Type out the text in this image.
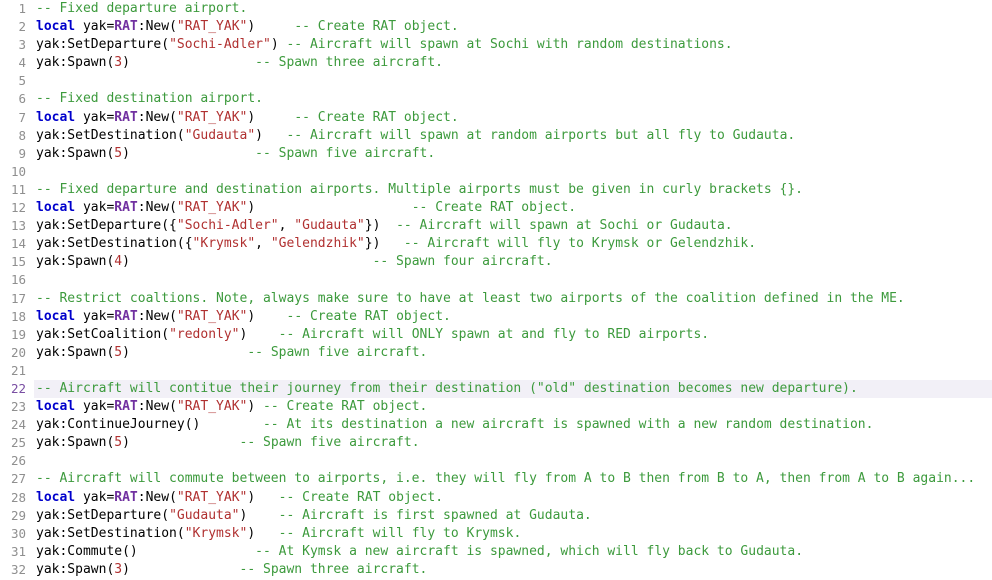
1 -- Fixed departure airport.
2 local yak=RAT:New("RAT_YAK")     -- Create RAT object.
3 yak:SetDeparture("Sochi-Adler") -- Aircraft will spawn at Sochi with random destinations.
4 yak:Spawn(3)                -- Spawn three aircraft.
5

6 -- Fixed destination airport.
7 local yak=RAT:New("RAT_YAK")     -- Create RAT object.
8 yak:SetDestination("Gudauta")   -- Aircraft will spawn at random airports but all fly to Gudauta.
9 yak:Spawn(5)                -- Spawn five aircraft.
10

11 -- Fixed departure and destination airports. Multiple airports must be given in curly brackets {}.
12 local yak=RAT:New("RAT_YAK")                    -- Create RAT object.
13 yak:SetDeparture({"Sochi-Adler", "Gudauta"})  -- Aircraft will spawn at Sochi or Gudauta.
14 yak:SetDestination({"Krymsk", "Gelendzhik"})   -- Aircraft will fly to Krymsk or Gelendzhik.
15 yak:Spawn(4)                               -- Spawn four aircraft.
16

17 -- Restrict coaltions. Note, always make sure to have at least two airports of the coalition defined in the ME.
18 local yak=RAT:New("RAT_YAK")    -- Create RAT object.
19 yak:SetCoalition("redonly")    -- Aircraft will ONLY spawn at and fly to RED airports.
20 yak:Spawn(5)               -- Spawn five aircraft.
21

22 -- Aircraft will contitue their journey from their destination ("old" destination becomes new departure).
23 local yak=RAT:New("RAT_YAK") -- Create RAT object.
24 yak:ContinueJourney()        -- At its destination a new aircraft is spawned with a new random destination.
25 yak:Spawn(5)              -- Spawn five aircraft.
26

27 -- Aircraft will commute between to airports, i.e. they will fly from A to B then from B to A, then from A to B again...
28 local yak=RAT:New("RAT_YAK")   -- Create RAT object.
29 yak:SetDeparture("Gudauta")    -- Aircraft is first spawned at Gudauta.
30 yak:SetDestination("Krymsk")   -- Aircraft will fly to Krymsk.
31 yak:Commute()               -- At Kymsk a new aircraft is spawned, which will fly back to Gudauta.
32 yak:Spawn(3)              -- Spawn three aircraft.
